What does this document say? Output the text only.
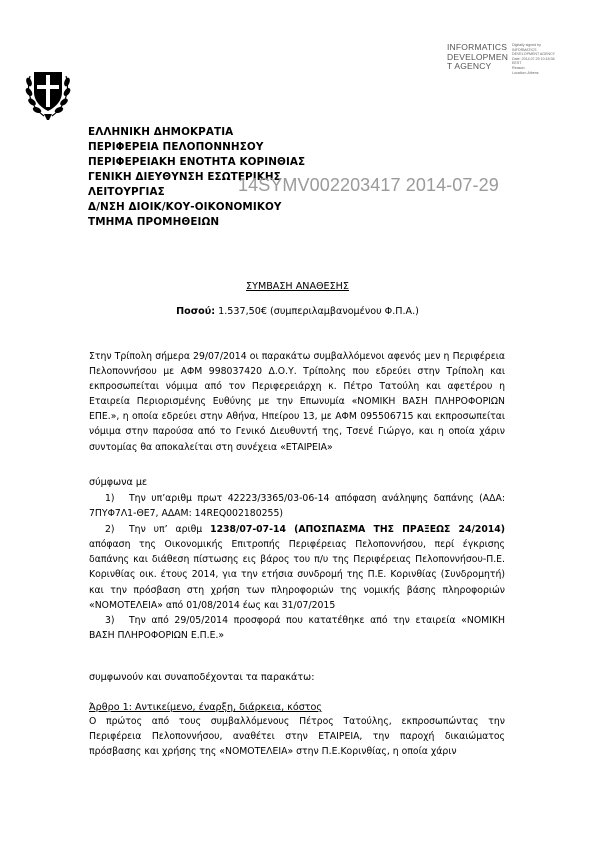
INFORMATICS
DEVELOPMEN
T AGENCY
Digitally signed by
INFORMATICS
DEVELOPMENT AGENCY
Date: 2014.07.29 10:18:36
EEST
Reason:
Location: Athens
ΕΛΛΗΝΙΚΗ ΔΗΜΟΚΡΑΤΙΑ
ΠΕΡΙΦΕΡΕΙΑ ΠΕΛΟΠΟΝΝΗΣΟΥ
ΠΕΡΙΦΕΡΕΙΑΚΗ ΕΝΟΤΗΤΑ ΚΟΡΙΝΘΙΑΣ
ΓΕΝΙΚΗ ΔΙΕΥΘΥΝΣΗ ΕΣΩΤΕΡΙΚΗΣ
ΛΕΙΤΟΥΡΓΙΑΣ
Δ/ΝΣΗ ΔΙΟΙΚ/ΚΟΥ-ΟΙΚΟΝΟΜΙΚΟΥ
ΤΜΗΜΑ ΠΡΟΜΗΘΕΙΩΝ
14SYMV002203417 2014-07-29
ΣΥΜΒΑΣΗ ΑΝΑΘΕΣΗΣ
Ποσού: 1.537,50€ (συμπεριλαμβανομένου Φ.Π.Α.)
Στην Τρίπολη σήμερα 29/07/2014 οι παρακάτω συμβαλλόμενοι αφενός μεν η Περιφέρεια Πελοποννήσου με ΑΦΜ 998037420 Δ.Ο.Υ. Τρίπολης που εδρεύει στην Τρίπολη και εκπροσωπείται νόμιμα από τον Περιφερειάρχη κ. Πέτρο Τατούλη και αφετέρου η Εταιρεία Περιορισμένης Ευθύνης με την Επωνυμία «ΝΟΜΙΚΗ ΒΑΣΗ ΠΛΗΡΟΦΟΡΙΩΝ ΕΠΕ.», η οποία εδρεύει στην Αθήνα, Ηπείρου 13, με ΑΦΜ 095506715 και εκπροσωπείται νόμιμα στην παρούσα από το Γενικό Διευθυντή της, Τσενέ Γιώργο, και η οποία χάριν συντομίας θα αποκαλείται στη συνέχεια «ΕΤΑΙΡΕΙΑ»
σύμφωνα με
1) Την υπ’αριθμ πρωτ 42223/3365/03-06-14 απόφαση ανάληψης δαπάνης (ΑΔΑ: 7ΠΥΦ7Λ1-ΘΕ7, ΑΔΑΜ: 14REQ002180255)
2) Την υπ’ αριθμ 1238/07-07-14 (ΑΠΟΣΠΑΣΜΑ ΤΗΣ ΠΡΑΞΕΩΣ 24/2014) απόφαση της Οικονομικής Επιτροπής Περιφέρειας Πελοποννήσου, περί έγκρισης δαπάνης και διάθεση πίστωσης εις βάρος του π/υ της Περιφέρειας Πελοποννήσου-Π.Ε. Κορινθίας οικ. έτους 2014, για την ετήσια συνδρομή της Π.Ε. Κορινθίας (Συνδρομητή) και την πρόσβαση στη χρήση των πληροφοριών της νομικής βάσης πληροφοριών «ΝΟΜΟΤΕΛΕΙΑ» από 01/08/2014 έως και 31/07/2015
3) Την από 29/05/2014 προσφορά που κατατέθηκε από την εταιρεία «ΝΟΜΙΚΗ ΒΑΣΗ ΠΛΗΡΟΦΟΡΙΩΝ Ε.Π.Ε.»
συμφωνούν και συναποδέχονται τα παρακάτω:
Άρθρο 1: Αντικείμενο, έναρξη, διάρκεια, κόστος
Ο πρώτος από τους συμβαλλόμενους Πέτρος Τατούλης, εκπροσωπώντας την Περιφέρεια Πελοποννήσου, αναθέτει στην ΕΤΑΙΡΕΙΑ, την παροχή δικαιώματος πρόσβασης και χρήσης της «ΝΟΜΟΤΕΛΕΙΑ» στην Π.Ε.Κορινθίας, η οποία χάριν
